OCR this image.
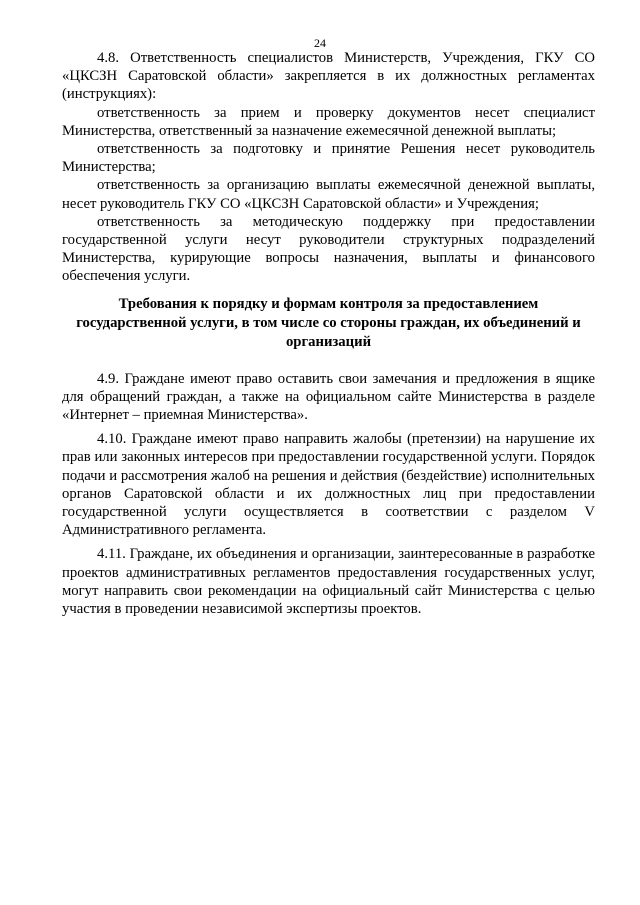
24

4.8. Ответственность специалистов Министерств, Учреждения, ГКУ СО «ЦКСЗН Саратовской области» закрепляется в их должностных регламентах (инструкциях):

ответственность за прием и проверку документов несет специалист Министерства, ответственный за назначение ежемесячной денежной выплаты;

ответственность за подготовку и принятие Решения несет руководитель Министерства;

ответственность за организацию выплаты ежемесячной денежной выплаты, несет руководитель ГКУ СО «ЦКСЗН Саратовской области» и Учреждения;

ответственность за методическую поддержку при предоставлении государственной услуги несут руководители структурных подразделений Министерства, курирующие вопросы назначения, выплаты и финансового обеспечения услуги.

Требования к порядку и формам контроля за предоставлением государственной услуги, в том числе со стороны граждан, их объединений и организаций

4.9. Граждане имеют право оставить свои замечания и предложения в ящике для обращений граждан, а также на официальном сайте Министерства в разделе «Интернет – приемная Министерства».

4.10. Граждане имеют право направить жалобы (претензии) на нарушение их прав или законных интересов при предоставлении государственной услуги. Порядок подачи и рассмотрения жалоб на решения и действия (бездействие) исполнительных органов Саратовской области и их должностных лиц при предоставлении государственной услуги осуществляется в соответствии с разделом V Административного регламента.

4.11. Граждане, их объединения и организации, заинтересованные в разработке проектов административных регламентов предоставления государственных услуг, могут направить свои рекомендации на официальный сайт Министерства с целью участия в проведении независимой экспертизы проектов.
